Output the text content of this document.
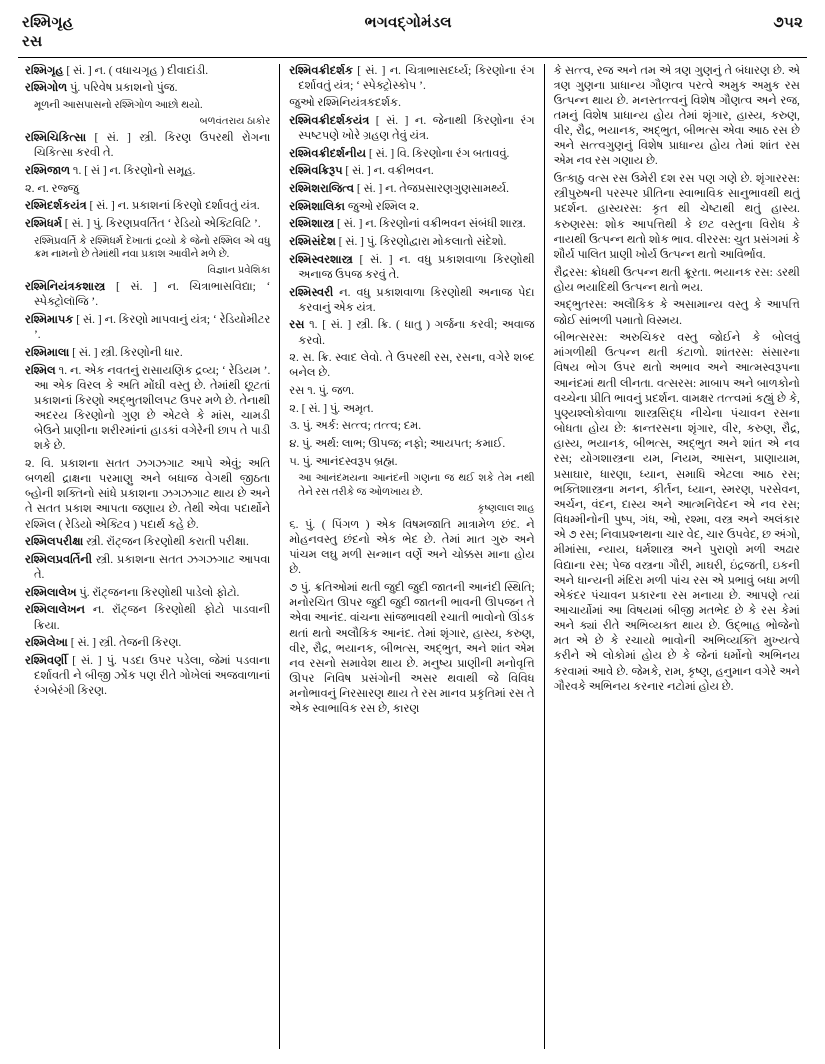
રશ્મિગૃહ
રસ
ભગવદ્ગોમંડલ	૭૫૨

રશ્મિગૃહ [ સં. ] ન. ( વધાચગૃહ ) દીવાદાંડી.

રશ્મિગોળ પું. પરિવેષ પ્રકાશનો પુંજ.

મૂળની આસપાસનો રશ્મિગોળ આછો થયો.

બળવંતરાય ઠાકોર

રશ્મિચિકિત્સા [ સં. ] સ્ત્રી. કિરણ ઉપરથી રોગના ચિકિત્સા કરવી તે.

રશ્મિજાળ ૧. [ સં ] ન. કિરણોનો સમૂહ.

૨. ન. રજ્જુ

રશ્મિદર્શકયંત્ર [ સં. ] ન. પ્રકાશનાં કિરણો દર્શાવતું યંત્ર.

રશ્મિધર્મ [ સં. ] પું. કિરણપ્રવર્તિત ‘ રેડિયો એક્ટિવિટિ ’.

રશ્મિપ્રવર્તિ કે રશ્મિધર્મ દેખાતાં દ્રવ્યો કે જેનો રશ્મિલ એ વધુ ક્રમ નામનો છે તેમાંથી નવા પ્રકાશ આવીને મળે છે.

વિજ્ઞાન પ્રવેશિકા

રશ્મિનિયંત્રકશાસ્ત્ર [ સં. ] ન. ચિત્રાભાસવિદ્યા; ‘ સ્પેક્ટ્રોલૉજિ ’.

રશ્મિમાપક [ સં. ] ન. કિરણો માપવાનું યંત્ર; ‘ રેડિયોમીટર ’.

રશ્મિમાલા [ સં. ] સ્ત્રી. કિરણોની ધાર.

રશ્મિલ ૧. ન. એક નવતનું રાસાયણિક દ્રવ્ય; ‘ રેડિયમ ’. આ એક વિરલ કે અતિ મોંઘી વસ્તુ છે. તેમાંથી છૂટતાં પ્રકાશનાં કિરણો અદ્ભુતશીલપટ ઉપર મળે છે. તેનાથી અદરય કિરણોનો ગુણ છે એટલે કે માંસ, ચામડી બેઉને પ્રાણીના શરીરમાંનાં હાડકાં વગેરેની છાપ તે પાડી શકે છે.

૨. વિ. પ્રકાશના સતત ઝગઝગાટ આપે એવું; અતિ બળથી દ્રાક્ષના પરમાણુ અને બધાજ વેગથી જીઠતા બ્હોની શક્તિનો સાંધે પ્રકાશના ઝગઝગાટ થાય છે અને તે સતત પ્રકાશ આપતા જણાય છે. તેથી એવા પદાર્થોને રશ્મિલ ( રેડિયો એક્ટિવ ) પદાર્થ કહે છે.

રશ્મિલપરીક્ષા સ્ત્રી. રૉંટ્જન કિરણોથી કરાતી પરીક્ષા.

રશ્મિલપ્રવર્તિની સ્ત્રી. પ્રકાશના સતત ઝગઝગાટ આપવા તે.

રશ્મિલાલેખ પું. રૉંટ્જનના કિરણોથી પાડેલો ફોટો.

રશ્મિલાલેખન ન. રૉંટ્જન કિરણોથી ફોટો પાડવાની ક્રિયા.

રશ્મિલેખા [ સં. ] સ્ત્રી. તેજની કિરણ.

રશ્મિવર્ણી [ સં. ] પું. પડદા ઉપર પડેલા, જેમાં પડવાના દર્શાવતી ને બીજી ઝોંક પણ રીતે ગોખેલાં અજવાળાનાં રંગબેરંગી કિરણ.

રશ્મિવક્રીદર્શક [ સં. ] ન. ચિત્રાભાસદર્ધ્ય; કિરણોના રંગ દર્શાવતું યંત્ર; ‘ સ્પેક્ટ્રોસ્કોપ ’.

જુઓ રશ્મિનિયંત્રકદર્શક.

રશ્મિવક્રીદર્શકયંત્ર [ સં. ] ન. જેનાથી કિરણોના રંગ સ્પષ્ટપણે ખોરે ગ્રહણ તેવું યંત્ર.

રશ્મિવક્રીદર્શનીય [ સં. ] વિ. કિરણોના રંગ બતાવવું.

રશ્મિવક્રિરૂપ [ સં. ] ન. વક્રીભવન.

રશ્મિશરાજિત્વ [ સં. ] ન. તેજપ્રસારણગુણસામર્થ્ય.

રશ્મિશાલિકા જુઓ રશ્મિલ ૨.

રશ્મિશાસ્ત્ર [ સં. ] ન. કિરણોનાં વક્રીભવન સંબંધી શાસ્ત્ર.

રશ્મિસંદેશ [ સં. ] પું. કિરણોદ્વારા મોકલાતો સંદેશો.

રશ્મિસ્વરશાસ્ત્ર [ સં. ] ન. વધુ પ્રકાશવાળા કિરણોથી અનાજ ઉપજ કરવું તે.

રશ્મિસ્વરી ન. વધુ પ્રકાશવાળા કિરણોથી અનાજ પેદા કરવાનું એક યંત્ર.

રસ ૧. [ સં. ] સ્ત્રી. ક્રિ. ( ધાતુ ) ગર્જના કરવી; અવાજ કરવો.

૨. સ. ક્રિ. સ્વાદ લેવો. તે ઉપરથી રસ, રસના, વગેરે શબ્દ બનેલ છે.

રસ ૧. પું. જળ.

૨. [ સં. ] પું. અમૃત.

૩. પું. અર્ક: સત્ત્વ; તત્ત્વ; દમ.

૪. પું. અર્થ: લાભ; ઊપજ; નફો; આયપત; કમાઈ.

૫. પું. આનંદસ્વરૂપ બ્રહ્મ.

આ આનંદમયના આનંદની ગણના જ થઈ શકે તેમ નથી તેને રસ તરીકે જ ઓળખાય છે.

કૃષ્ણલાલ શાહ

૬. પું. ( પિંગળ ) એક વિષમજાતિ માત્રામેળ છંદ. ને મોહનવસ્તુ છંદનો એક ભેદ છે. તેમાં માત ગુરુ અને પાંચમ લઘુ મળી સન્માન વર્ણે અને ચોક્કસ માના હોય છે.

૭ પું. ક્રતિઓમાં થતી જુદી જુદી જાતની આનંદી સ્થિતિ; મનોરચિત ઊપર જુદી જુદી જાતની ભાવની ઊપજન તે એવા આનંદ. વાંચના સાંજભાવથી રચાતી ભાવોનો ઊંડક થતાં થતો અલૌકિક આનંદ. તેમાં શૃંગાર, હાસ્ય, કરુણ, વીર, રૌદ્ર, ભયાનક, બીભત્સ, અદ્ભુત, અને શાંત એમ નવ રસનો સમાવેશ થાય છે. મનુષ્ય પ્રાણીની મનોવૃત્તિ ઊપર નિવિષ પ્રસંગોની અસર થવાથી જે વિવિધ મનોભાવનું નિરસારણ થાય તે રસ માનવ પ્રકૃતિમાં રસ તે એક સ્વાભાવિક રસ છે, કારણ

કે સત્ત્વ, રજ અને તમ એ ત્રણ ગુણનું તે બંધારણ છે. એ ત્રણ ગુણના પ્રાધાન્ય ગૌણત્વ પરત્વે અમુક અમુક રસ ઉત્પન્ન થાય છે. મનસ્તત્ત્વનું વિશેષ ગૌણત્વ અને રજ, તમનું વિશેષ પ્રાધાન્ય હોય તેમાં શૃંગાર, હાસ્ય, કરુણ, વીર, રૌદ્ર, ભયાનક, અદ્ભુત, બીભત્સ એવા આઠ રસ છે અને સત્ત્વગુણનું વિશેષ પ્રાધાન્ય હોય તેમાં શાંત રસ એમ નવ રસ ગણાય છે.

ઉત્કાઠુ વત્સ રસ ઉમેરી દશ રસ પણ ગણે છે. શૃંગારરસ: સ્ત્રીપુરુષની પરસ્પર પ્રીતિના સ્વાભાવિક સાનુભાવથી થતું પ્રદર્શન. હાસ્યરસ: કૃત થી ચેષ્ટાથી થતું હાસ્ય. કરુણરસ: શોક આપત્તિથી કે છટ વસ્તુના વિરોધ કે નાયથી ઉત્પન્ન થતો શોક ભાવ. વીરરસ: ચુત પ્રસંગમાં કે શૌર્ય પાલિત પ્રાણી ખોર્ય ઉત્પન્ન થતો આવિર્ભાવ.

રૌદ્રરસ: ક્રોધથી ઉત્પન્ન થતી ક્રૂરતા. ભયાનક રસ: ડરથી હોય ભયાદિથી ઉત્પન્ન થતો ભય.

અદ્ભુતરસ: અલૌકિક કે અસામાન્ય વસ્તુ કે આપત્તિ જોઈ સાંભળી પમાતો વિસ્મય.

બીભત્સરસ: અરુચિકર વસ્તુ જોઈને કે બોલવું માંગળીથી ઉત્પન્ન થતી કંટાળો. શાંતરસ: સંસારના વિષય ભોગ ઉપર થતો અભાવ અને આત્મસ્વરૂપના આનંદમાં થતી લીનતા. વત્સરસ: માબાપ અને બાળકોનો વચ્ચેના પ્રીતિ ભાવનું પ્રદર્શન. વામક્ષર તત્ત્વમાં કહ્યું છે કે, પુણ્યશ્લોકોવાળા શાસ્ત્રસિદ્ધ નીચેના પંચાવન રસના બોધતા હોય છે: ક્રાન્તરસના શૃંગાર, વીર, કરુણ, રૌદ્ર, હાસ્ય, ભયાનક, બીભત્સ, અદ્ભુત અને શાંત એ નવ રસ; યોગશાસ્ત્રના યમ, નિયમ, આસન, પ્રાણાયામ, પ્રસાઘાર, ધારણા, ધ્યાન, સમાધિ એટલા આઠ રસ; ભક્તિશાસ્ત્રના મનન, કીર્તન, ધ્યાન, સ્મરણ, પરસેવન, અર્ચન, વંદન, દાસ્ય અને આત્મનિવેદન એ નવ રસ; વિધમ્મીનોની પુષ્પ, ગંધ, ઓ, રશ્મા, વસ્ત્ર અને અલંકાર એ ૭ રસ; નિવાપ્રશ્નથના ચાર વેદ, ચાર ઉપવેદ, છ અંગો, મીમાંસા, ન્યાય, ધર્મશાસ્ત્ર અને પુરાણો મળી અઢાર વિદ્યાના રસ; પેજ વસ્ત્રના ગૌરી, માઘરી, ઇંદ્રજતી, ઇકની અને ધાન્યની મંદિરા મળી પાંચ રસ એ પ્રભાવું બધા મળી એકંદર પંચાવન પ્રકારના રસ મનાયા છે. આપણે ત્યાં આચાર્યોમાં આ વિષયમાં બીજી મતભેદ છે કે રસ કેમાં અને ક્યાં રીતે અભિવ્યક્ત થાય છે. ઉદ્ભાહ ભોજેનો મત એ છે કે રચાયો ભાવોની અભિવ્યક્તિ મુખ્યત્વે કરીને એ લોકોમાં હોય છે કે જેનાં ધર્મોનો અભિનય કરવામાં આવે છે. જેમકે, રામ, કૃષ્ણ, હનુમાન વગેરે અને ગૌરવકે અભિનય કરનાર નટોમાં હોય છે.
